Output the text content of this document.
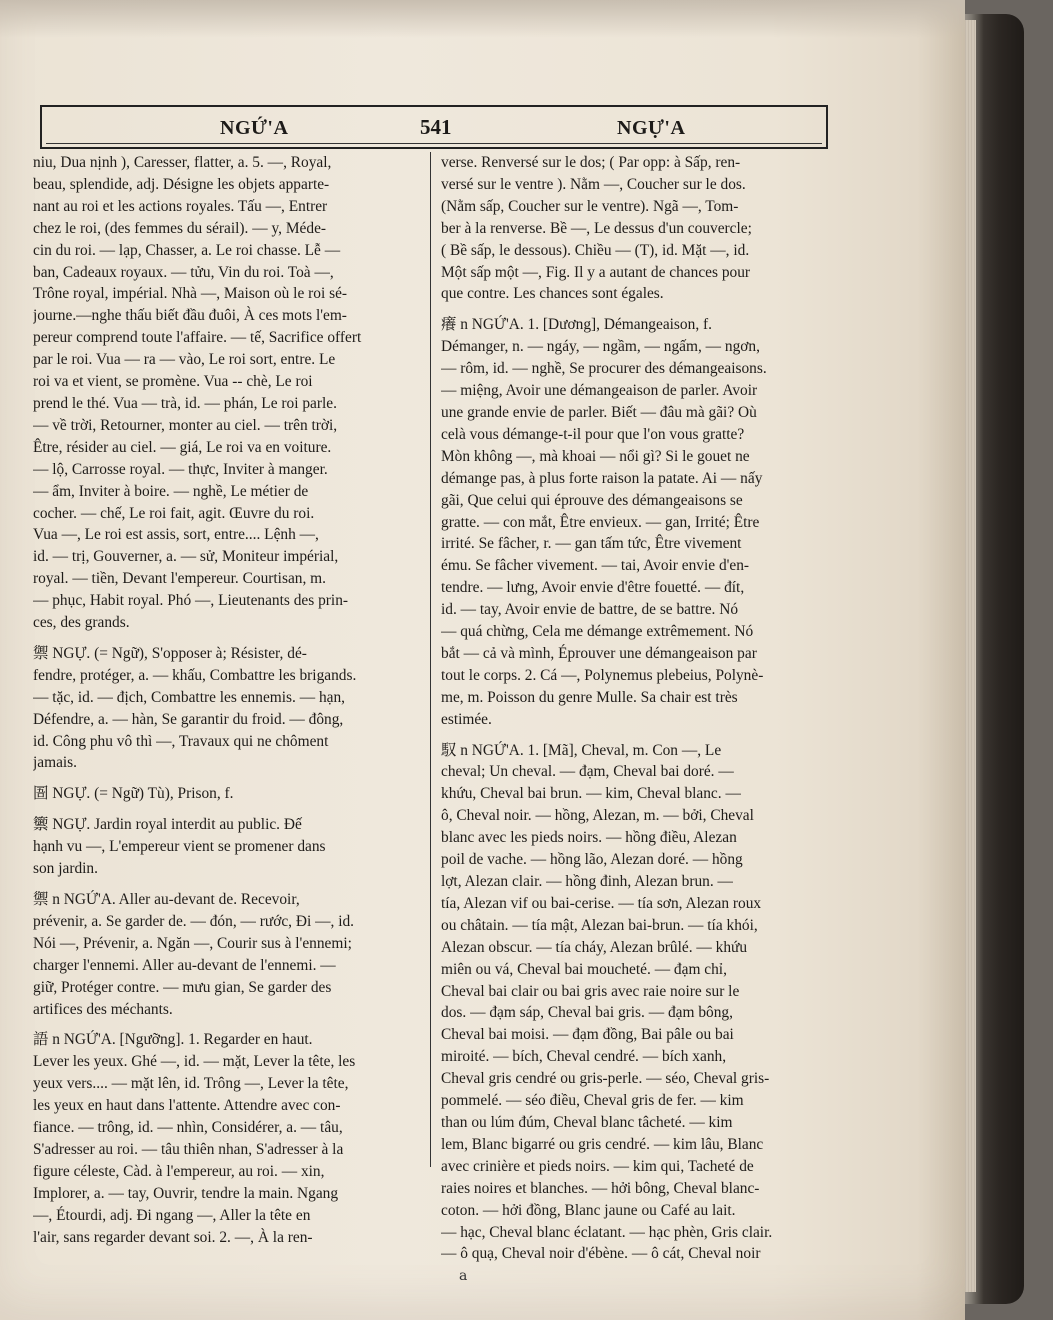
NGỨ'A	541	NGỰ'A
niu, Dua nịnh ), Caresser, flatter, a. 5. —, Royal,
beau, splendide, adj. Désigne les objets apparte-
nant au roi et les actions royales. Tấu —, Entrer
chez le roi, (des femmes du sérail). — y, Méde-
cin du roi. — lạp, Chasser, a. Le roi chasse. Lễ —
ban, Cadeaux royaux. — tửu, Vin du roi. Toà —,
Trône royal, impérial. Nhà —, Maison où le roi sé-
journe.—nghe thấu biết đầu đuôi, À ces mots l'em-
pereur comprend toute l'affaire. — tế, Sacrifice offert
par le roi. Vua — ra — vào, Le roi sort, entre. Le
roi va et vient, se promène. Vua -- chè, Le roi
prend le thé. Vua — trà, id. — phán, Le roi parle.
— về trời, Retourner, monter au ciel. — trên trời,
Être, résider au ciel. — giá, Le roi va en voiture.
— lộ, Carrosse royal. — thực, Inviter à manger.
— ẩm, Inviter à boire. — nghề, Le métier de
cocher. — chế, Le roi fait, agit. Œuvre du roi.
Vua —, Le roi est assis, sort, entre.... Lệnh —,
id. — trị, Gouverner, a. — sử, Moniteur impérial,
royal. — tiền, Devant l'empereur. Courtisan, m.
— phục, Habit royal. Phó —, Lieutenants des prin-
ces, des grands.
禦 NGỰ. (= Ngữ), S'opposer à; Résister, dé-
fendre, protéger, a. — khấu, Combattre les brigands.
— tặc, id. — địch, Combattre les ennemis. — hạn,
Défendre, a. — hàn, Se garantir du froid. — đông,
id. Công phu vô thì —, Travaux qui ne chôment
jamais.
圄 NGỰ. (= Ngữ) Tù), Prison, f.
籞 NGỰ. Jardin royal interdit au public. Đế
hạnh vu —, L'empereur vient se promener dans
son jardin.
禦 n NGỨ'A. Aller au-devant de. Recevoir,
prévenir, a. Se garder de. — đón, — rước, Đi —, id.
Nói —, Prévenir, a. Ngăn —, Courir sus à l'ennemi;
charger l'ennemi. Aller au-devant de l'ennemi. —
giữ, Protéger contre. — mưu gian, Se garder des
artifices des méchants.
語 n NGỨ'A. [Ngưỡng]. 1. Regarder en haut.
Lever les yeux. Ghé —, id. — mặt, Lever la tête, les
yeux vers.... — mặt lên, id. Trông —, Lever la tête,
les yeux en haut dans l'attente. Attendre avec con-
fiance. — trông, id. — nhìn, Considérer, a. — tâu,
S'adresser au roi. — tâu thiên nhan, S'adresser à la
figure céleste, Càd. à l'empereur, au roi. — xin,
Implorer, a. — tay, Ouvrir, tendre la main. Ngang
—, Étourdi, adj. Đi ngang —, Aller la tête en
l'air, sans regarder devant soi. 2. —, À la ren-
verse. Renversé sur le dos; ( Par opp: à Sấp, ren-
versé sur le ventre ). Nằm —, Coucher sur le dos.
(Nằm sấp, Coucher sur le ventre). Ngã —, Tom-
ber à la renverse. Bề —, Le dessus d'un couvercle;
( Bề sấp, le dessous). Chiều — (T), id. Mặt —, id.
Một sấp một —, Fig. Il y a autant de chances pour
que contre. Les chances sont égales.
癢 n NGỨ'A. 1. [Dương], Démangeaison, f.
Démanger, n. — ngáy, — ngầm, — ngấm, — ngơn,
— rôm, id. — nghề, Se procurer des démangeaisons.
— miệng, Avoir une démangeaison de parler. Avoir
une grande envie de parler. Biết — đâu mà gãi? Où
celà vous démange-t-il pour que l'on vous gratte?
Mòn không —, mà khoai — nổi gì? Si le gouet ne
démange pas, à plus forte raison la patate. Ai — nấy
gãi, Que celui qui éprouve des démangeaisons se
gratte. — con mắt, Être envieux. — gan, Irrité; Être
irrité. Se fâcher, r. — gan tấm tức, Être vivement
ému. Se fâcher vivement. — tai, Avoir envie d'en-
tendre. — lưng, Avoir envie d'être fouetté. — đít,
id. — tay, Avoir envie de battre, de se battre. Nó
— quá chừng, Cela me démange extrêmement. Nó
bắt — cả và mình, Éprouver une démangeaison par
tout le corps. 2. Cá —, Polynemus plebeius, Polynè-
me, m. Poisson du genre Mulle. Sa chair est très
estimée.
馭 n NGỨ'A. 1. [Mã], Cheval, m. Con —, Le
cheval; Un cheval. — đạm, Cheval bai doré. —
khứu, Cheval bai brun. — kim, Cheval blanc. —
ô, Cheval noir. — hồng, Alezan, m. — bởi, Cheval
blanc avec les pieds noirs. — hồng điều, Alezan
poil de vache. — hồng lão, Alezan doré. — hồng
lợt, Alezan clair. — hồng đinh, Alezan brun. —
tía, Alezan vif ou bai-cerise. — tía sơn, Alezan roux
ou châtain. — tía mật, Alezan bai-brun. — tía khói,
Alezan obscur. — tía cháy, Alezan brûlé. — khứu
miên ou vá, Cheval bai moucheté. — đạm chỉ,
Cheval bai clair ou bai gris avec raie noire sur le
dos. — đạm sáp, Cheval bai gris. — đạm bông,
Cheval bai moisi. — đạm đồng, Bai pâle ou bai
miroité. — bích, Cheval cendré. — bích xanh,
Cheval gris cendré ou gris-perle. — séo, Cheval gris-
pommelé. — séo điều, Cheval gris de fer. — kim
than ou lúm đúm, Cheval blanc tâcheté. — kim
lem, Blanc bigarré ou gris cendré. — kim lâu, Blanc
avec crinière et pieds noirs. — kim qui, Tacheté de
raies noires et blanches. — hởi bông, Cheval blanc-
coton. — hởi đồng, Blanc jaune ou Café au lait.
— hạc, Cheval blanc éclatant. — hạc phèn, Gris clair.
— ô quạ, Cheval noir d'ébène. — ô cát, Cheval noir
a
